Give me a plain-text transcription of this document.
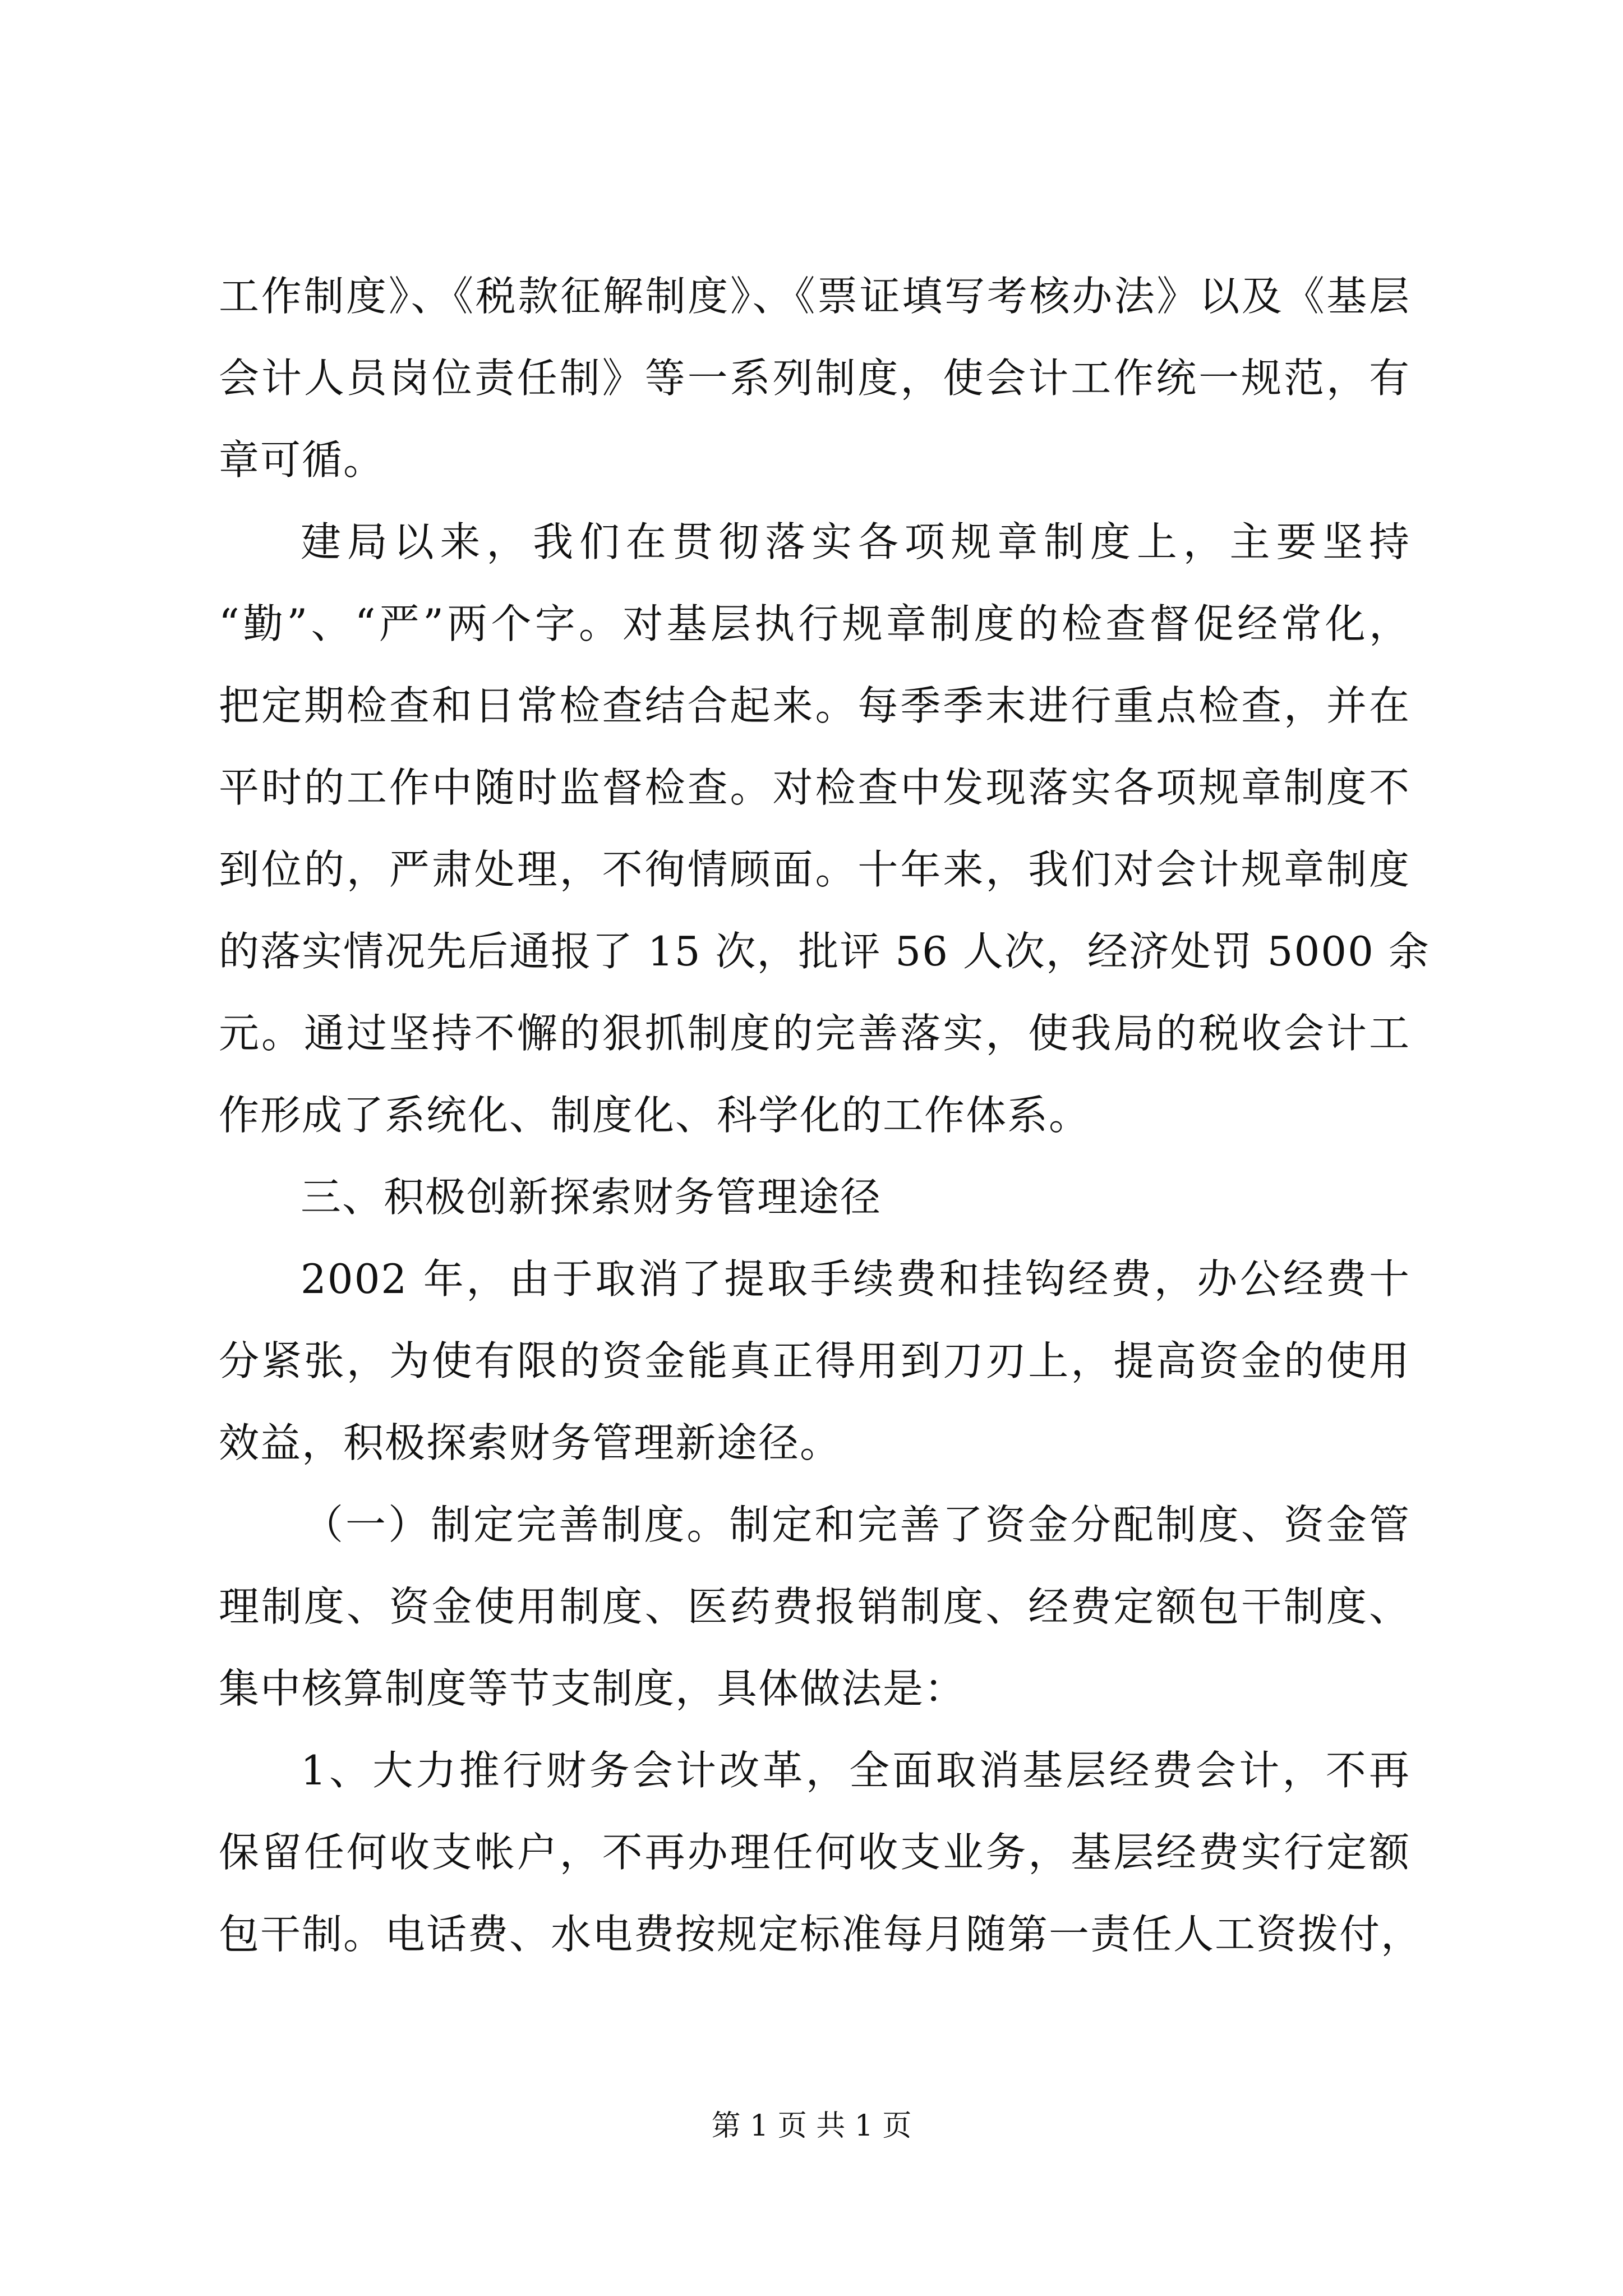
工作制度》、《税款征解制度》、《票证填写考核办法》以及《基层
会计人员岗位责任制》等一系列制度，使会计工作统一规范，有
章可循。
建局以来，我们在贯彻落实各项规章制度上，主要坚持
“勤”、“严”两个字。对基层执行规章制度的检查督促经常化，
把定期检查和日常检查结合起来。每季季末进行重点检查，并在
平时的工作中随时监督检查。对检查中发现落实各项规章制度不
到位的，严肃处理，不徇情顾面。十年来，我们对会计规章制度
的落实情况先后通报了 15 次，批评 56 人次，经济处罚 5000 余
元。通过坚持不懈的狠抓制度的完善落实，使我局的税收会计工
作形成了系统化、制度化、科学化的工作体系。
三、积极创新探索财务管理途径
2002 年，由于取消了提取手续费和挂钩经费，办公经费十
分紧张，为使有限的资金能真正得用到刀刃上，提高资金的使用
效益，积极探索财务管理新途径。
（一）制定完善制度。制定和完善了资金分配制度、资金管
理制度、资金使用制度、医药费报销制度、经费定额包干制度、
集中核算制度等节支制度，具体做法是：
1、大力推行财务会计改革，全面取消基层经费会计，不再
保留任何收支帐户，不再办理任何收支业务，基层经费实行定额
包干制。电话费、水电费按规定标准每月随第一责任人工资拨付，
第 1 页 共 1 页
